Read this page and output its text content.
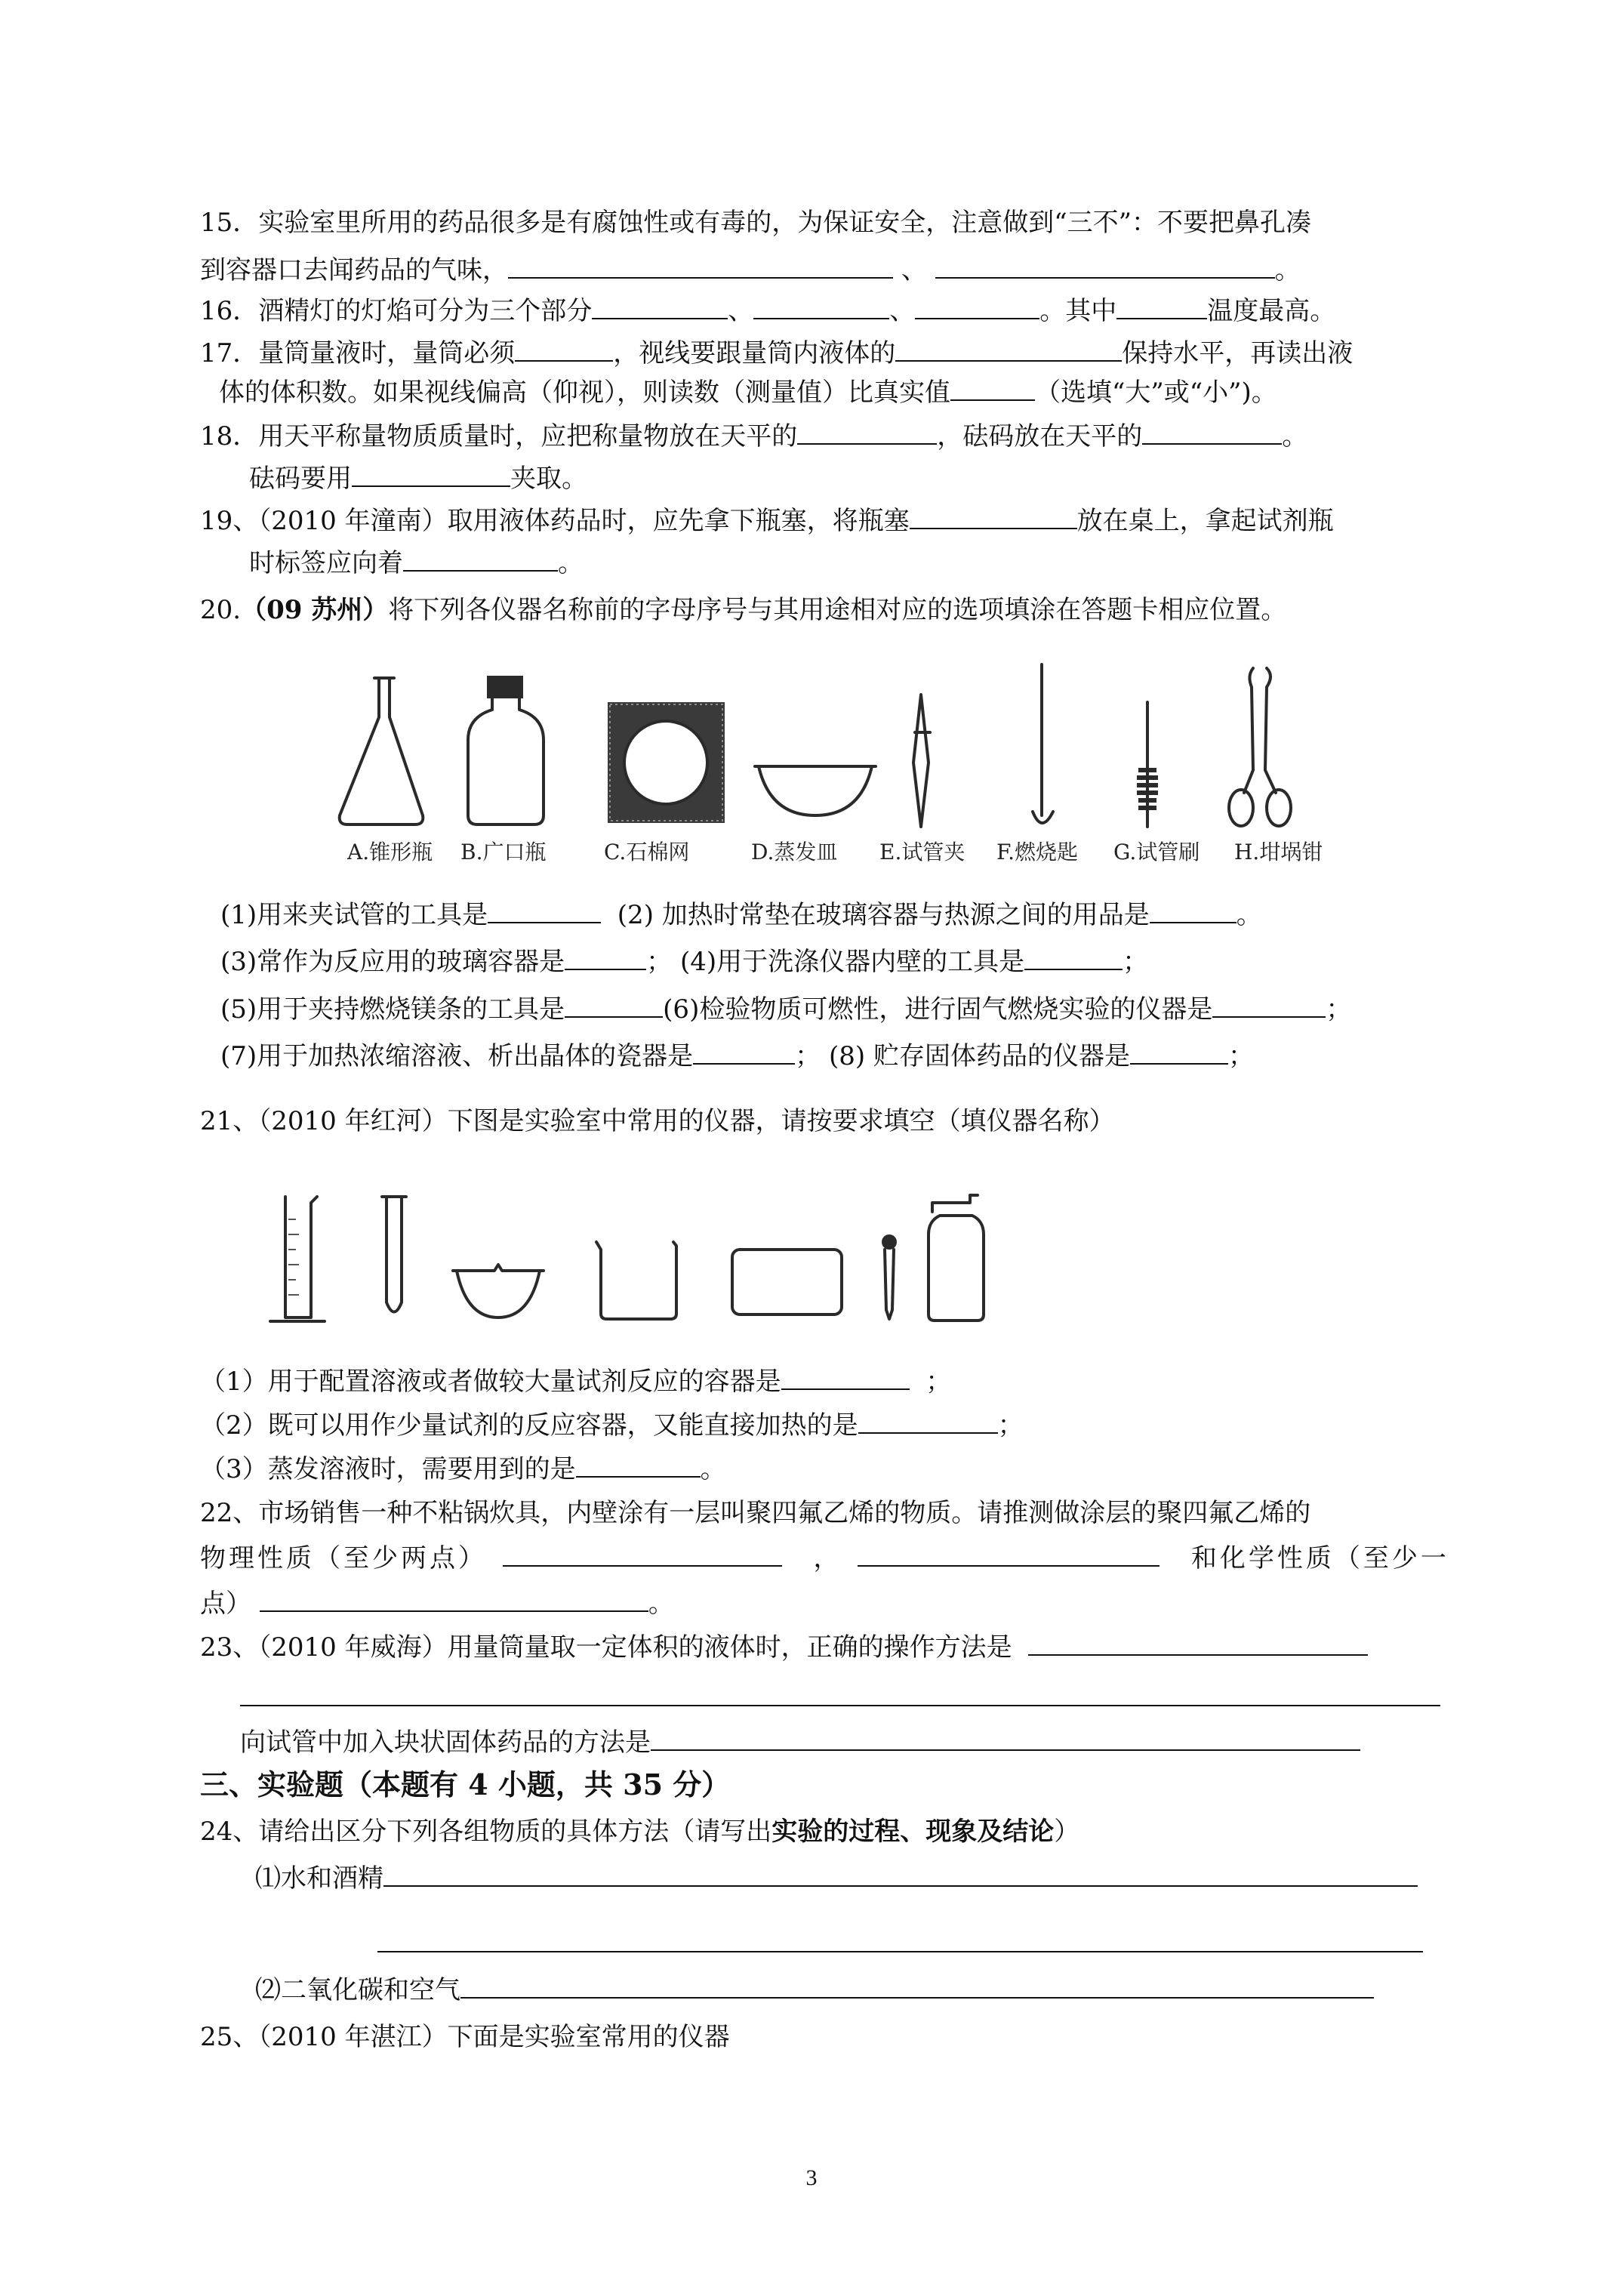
15．实验室里所用的药品很多是有腐蚀性或有毒的，为保证安全，注意做到“三不”：不要把鼻孔凑
到容器口去闻药品的气味，	、	。
16．酒精灯的灯焰可分为三个部分	、	、	。其中	温度最高。
17．量筒量液时，量筒必须	，视线要跟量筒内液体的	保持水平，再读出液
体的体积数。如果视线偏高（仰视），则读数（测量值）比真实值	（选填“大”或“小”)。
18．用天平称量物质质量时，应把称量物放在天平的	，砝码放在天平的	。
砝码要用	夹取。
19、（2010 年潼南）取用液体药品时，应先拿下瓶塞，将瓶塞	放在桌上，拿起试剂瓶
时标签应向着	。
20.（09 苏州）将下列各仪器名称前的字母序号与其用途相对应的选项填涂在答题卡相应位置。
A.锥形瓶 B.广口瓶	C.石棉网	D.蒸发皿 E.试管夹 F.燃烧匙 G.试管刷 H.坩埚钳
(1)用来夹试管的工具是	(2) 加热时常垫在玻璃容器与热源之间的用品是	。
(3)常作为反应用的玻璃容器是	； (4)用于洗涤仪器内壁的工具是	；
(5)用于夹持燃烧镁条的工具是	(6)检验物质可燃性，进行固气燃烧实验的仪器是	；
(7)用于加热浓缩溶液、析出晶体的瓷器是	； (8) 贮存固体药品的仪器是	；
21、（2010 年红河）下图是实验室中常用的仪器，请按要求填空（填仪器名称）
（1）用于配置溶液或者做较大量试剂反应的容器是	；
（2）既可以用作少量试剂的反应容器，又能直接加热的是	；
（3）蒸发溶液时，需要用到的是	。
22、市场销售一种不粘锅炊具，内壁涂有一层叫聚四氟乙烯的物质。请推测做涂层的聚四氟乙烯的
物理性质（至少两点）	，	和化学性质（至少一
点）	。
23、（2010 年威海）用量筒量取一定体积的液体时，正确的操作方法是
向试管中加入块状固体药品的方法是
三、实验题（本题有 4 小题，共 35 分）
24、请给出区分下列各组物质的具体方法（请写出实验的过程、现象及结论）
⑴水和酒精
⑵二氧化碳和空气
25、（2010 年湛江）下面是实验室常用的仪器
3
